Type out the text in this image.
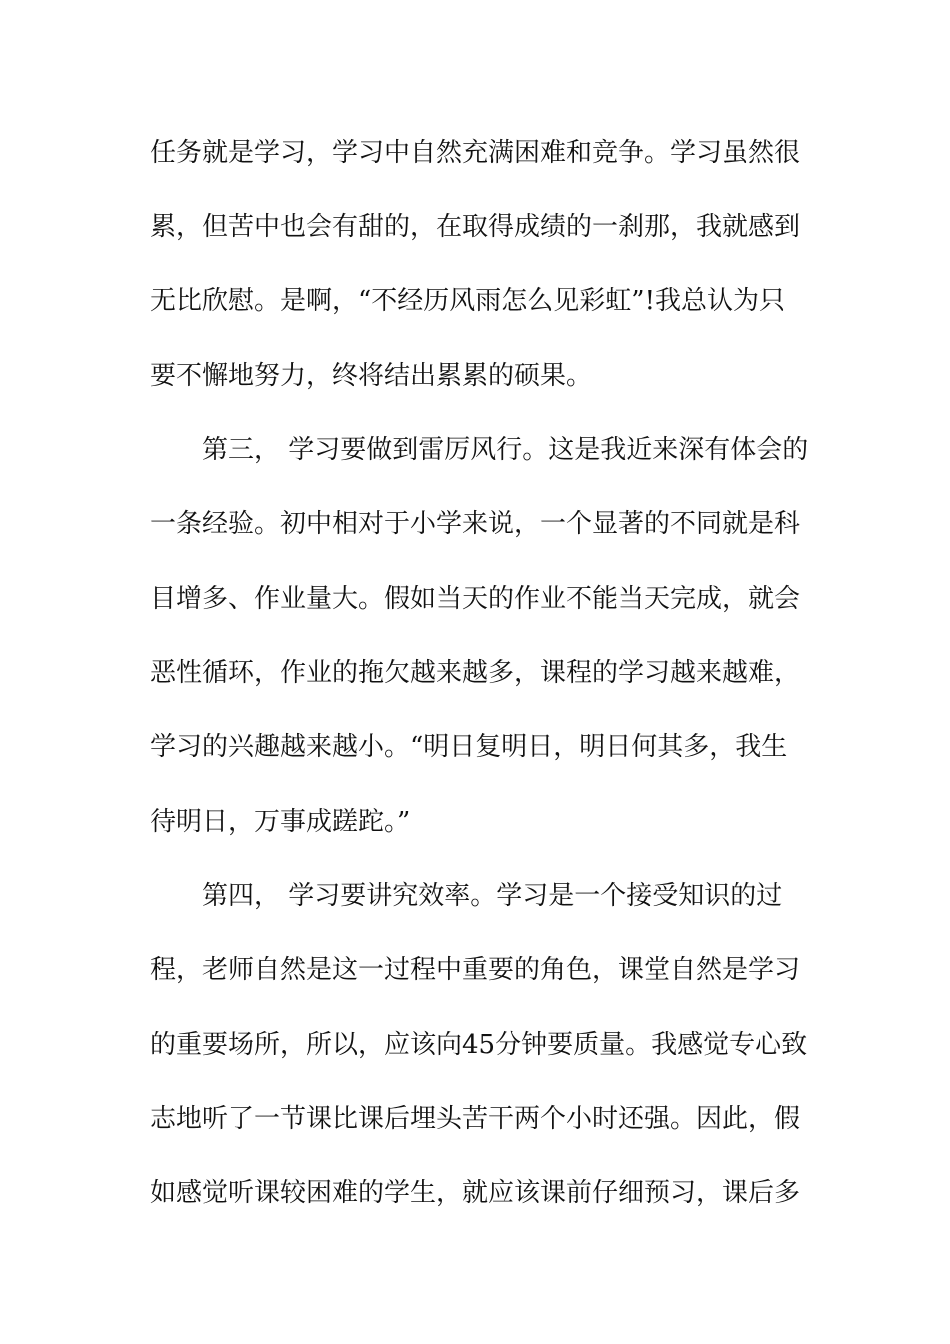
任务就是学习，学习中自然充满困难和竞争。学习虽然很
累，但苦中也会有甜的，在取得成绩的一刹那，我就感到
无比欣慰。是啊，“不经历风雨怎么见彩虹”!我总认为只
要不懈地努力，终将结出累累的硕果。
第三， 学习要做到雷厉风行。这是我近来深有体会的
一条经验。初中相对于小学来说，一个显著的不同就是科
目增多、作业量大。假如当天的作业不能当天完成，就会
恶性循环，作业的拖欠越来越多，课程的学习越来越难，
学习的兴趣越来越小。“明日复明日，明日何其多，我生
待明日，万事成蹉跎。”
第四， 学习要讲究效率。学习是一个接受知识的过
程，老师自然是这一过程中重要的角色，课堂自然是学习
的重要场所，所以，应该向45分钟要质量。我感觉专心致
志地听了一节课比课后埋头苦干两个小时还强。因此，假
如感觉听课较困难的学生，就应该课前仔细预习，课后多
